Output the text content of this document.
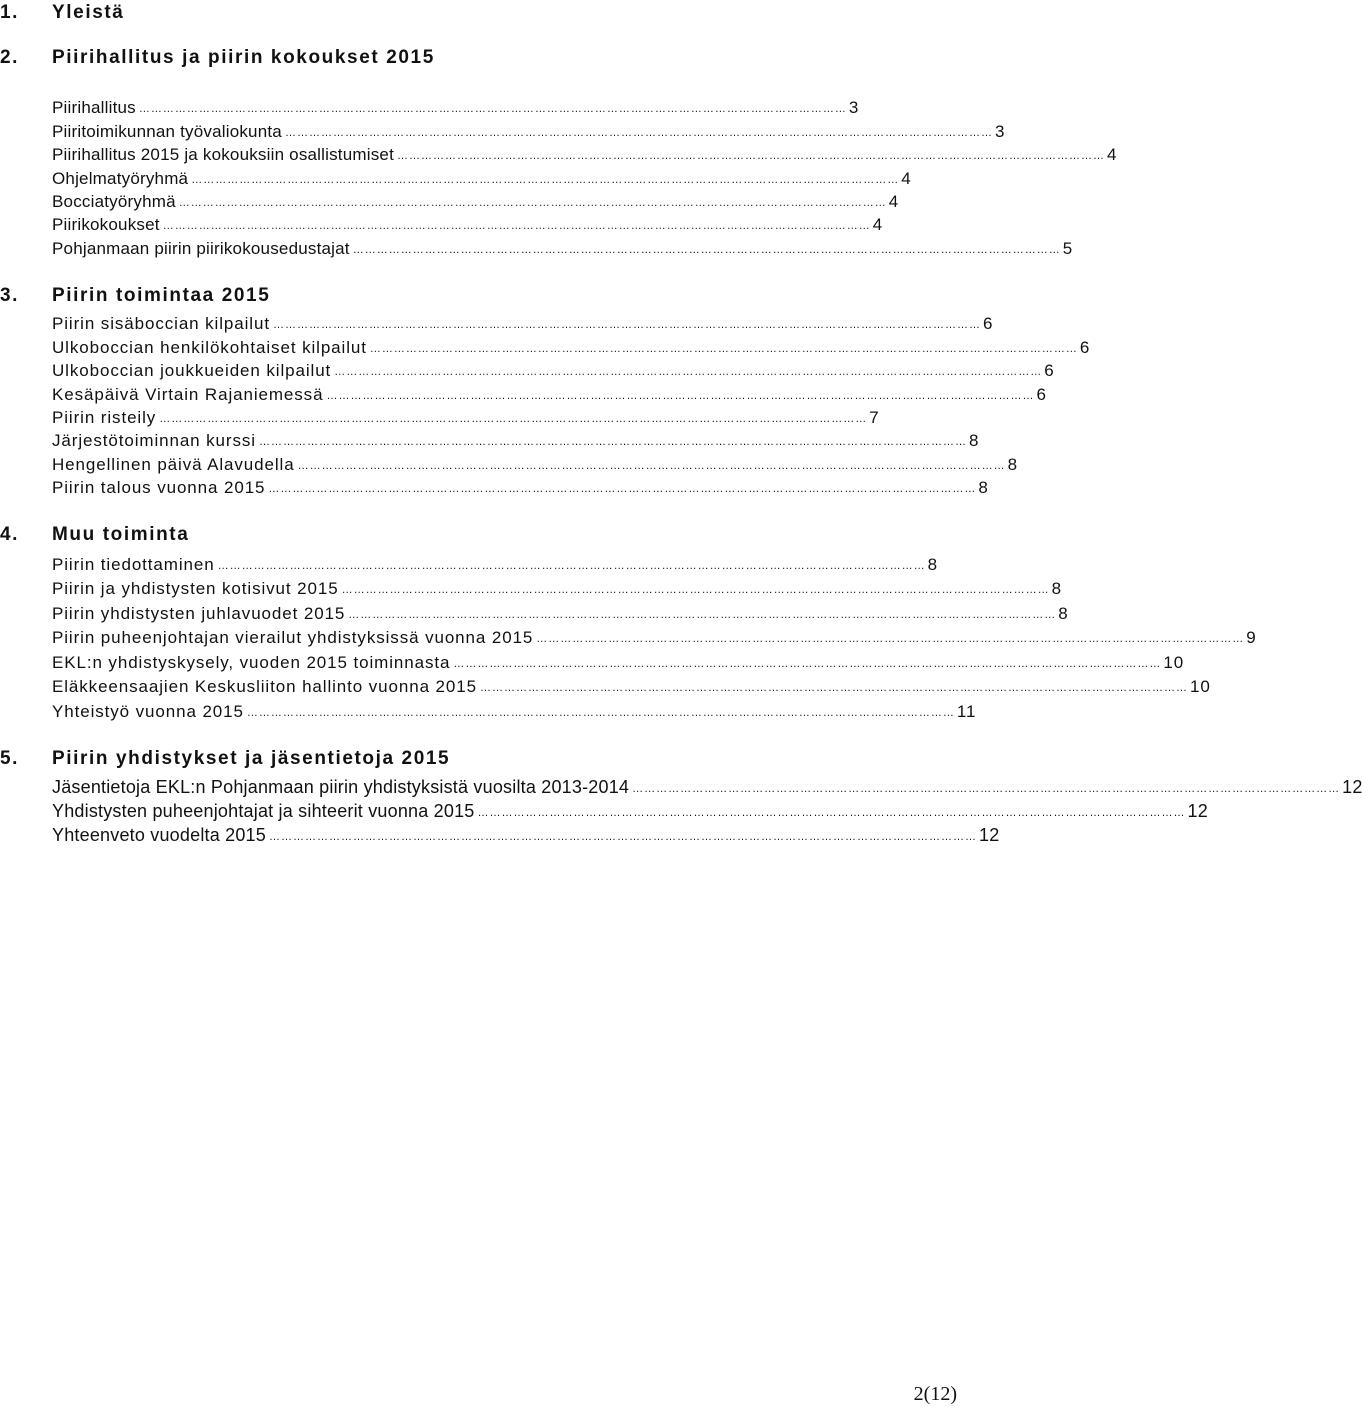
1. Yleistä
2. Piirihallitus ja piirin kokoukset 2015
3. Piirin toimintaa 2015
4. Muu toiminta
5. Piirin yhdistykset ja jäsentietoja 2015
Piirihallitus …………………………………………………………………………………………………………………………………………………………… 3
Piiritoimikunnan työvaliokunta …………………………………………………………………………………………………………………………………………………………… 3
Piirihallitus 2015 ja kokouksiin osallistumiset …………………………………………………………………………………………………………………………………………………………… 4
Ohjelmatyöryhmä …………………………………………………………………………………………………………………………………………………………… 4
Bocciatyöryhmä …………………………………………………………………………………………………………………………………………………………… 4
Piirikokoukset …………………………………………………………………………………………………………………………………………………………… 4
Pohjanmaan piirin piirikokousedustajat …………………………………………………………………………………………………………………………………………………………… 5
Piirin sisäboccian kilpailut …………………………………………………………………………………………………………………………………………………………… 6
Ulkoboccian henkilökohtaiset kilpailut …………………………………………………………………………………………………………………………………………………………… 6
Ulkoboccian joukkueiden kilpailut …………………………………………………………………………………………………………………………………………………………… 6
Kesäpäivä Virtain Rajaniemessä …………………………………………………………………………………………………………………………………………………………… 6
Piirin risteily …………………………………………………………………………………………………………………………………………………………… 7
Järjestötoiminnan kurssi …………………………………………………………………………………………………………………………………………………………… 8
Hengellinen päivä Alavudella …………………………………………………………………………………………………………………………………………………………… 8
Piirin talous vuonna 2015 …………………………………………………………………………………………………………………………………………………………… 8
Piirin tiedottaminen …………………………………………………………………………………………………………………………………………………………… 8
Piirin ja yhdistysten kotisivut 2015 …………………………………………………………………………………………………………………………………………………………… 8
Piirin yhdistysten juhlavuodet 2015 …………………………………………………………………………………………………………………………………………………………… 8
Piirin puheenjohtajan vierailut yhdistyksissä vuonna 2015 …………………………………………………………………………………………………………………………………………………………… 9
EKL:n yhdistyskysely, vuoden 2015 toiminnasta …………………………………………………………………………………………………………………………………………………………… 10
Eläkkeensaajien Keskusliiton hallinto vuonna 2015 …………………………………………………………………………………………………………………………………………………………… 10
Yhteistyö vuonna 2015 …………………………………………………………………………………………………………………………………………………………… 11
Jäsentietoja EKL:n Pohjanmaan piirin yhdistyksistä vuosilta 2013-2014 …………………………………………………………………………………………………………………………………………………………… 12
Yhdistysten puheenjohtajat ja sihteerit vuonna 2015 …………………………………………………………………………………………………………………………………………………………… 12
Yhteenveto vuodelta 2015 …………………………………………………………………………………………………………………………………………………………… 12
2(12)
